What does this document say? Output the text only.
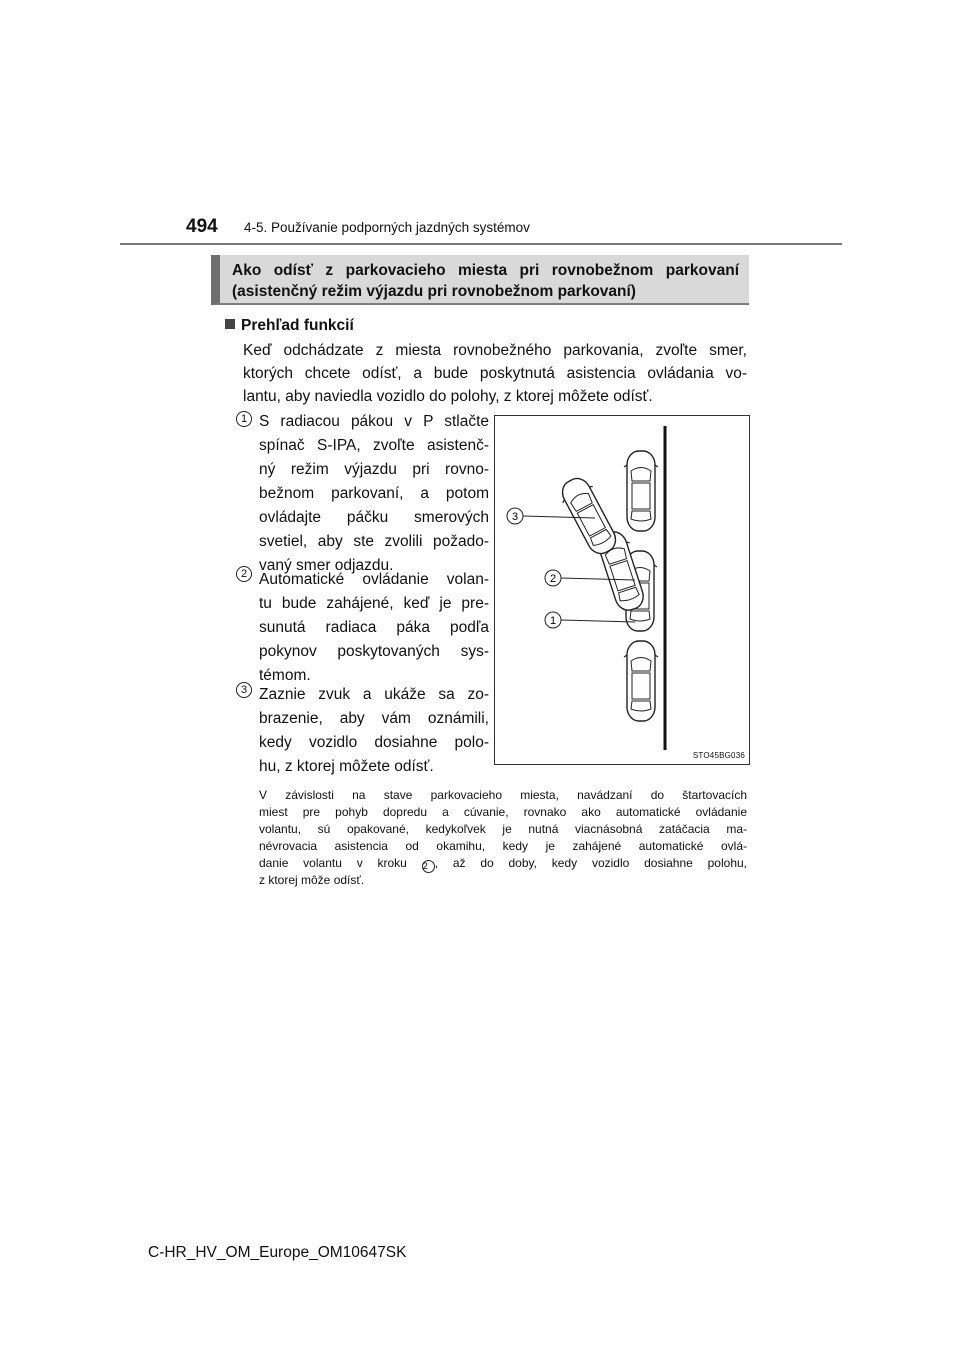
494 4-5. Používanie podporných jazdných systémov
Ako odísť z parkovacieho miesta pri rovnobežnom parkovaní
(asistenčný režim výjazdu pri rovnobežnom parkovaní)
Prehľad funkcií
Keď odchádzate z miesta rovnobežného parkovania, zvoľte smer,
ktorých chcete odísť, a bude poskytnutá asistencia ovládania vo-
lantu, aby naviedla vozidlo do polohy, z ktorej môžete odísť.
1 S radiacou pákou v P stlačte
spínač S-IPA, zvoľte asistenč-
ný režim výjazdu pri rovno-
bežnom parkovaní, a potom
ovládajte páčku smerových
svetiel, aby ste zvolili požado-
vaný smer odjazdu.
2 Automatické ovládanie volan-
tu bude zahájené, keď je pre-
sunutá radiaca páka podľa
pokynov poskytovaných sys-
témom.
3 Zaznie zvuk a ukáže sa zo-
brazenie, aby vám oznámili,
kedy vozidlo dosiahne polo-
hu, z ktorej môžete odísť.
3
2
1
STO45BG036
V závislosti na stave parkovacieho miesta, navádzaní do štartovacích
miest pre pohyb dopredu a cúvanie, rovnako ako automatické ovládanie
volantu, sú opakované, kedykoľvek je nutná viacnásobná zatáčacia ma-
névrovacia asistencia od okamihu, kedy je zahájené automatické ovlá-
danie volantu v kroku 2 , až do doby, kedy vozidlo dosiahne polohu,
z ktorej môže odísť.
C-HR_HV_OM_Europe_OM10647SK
